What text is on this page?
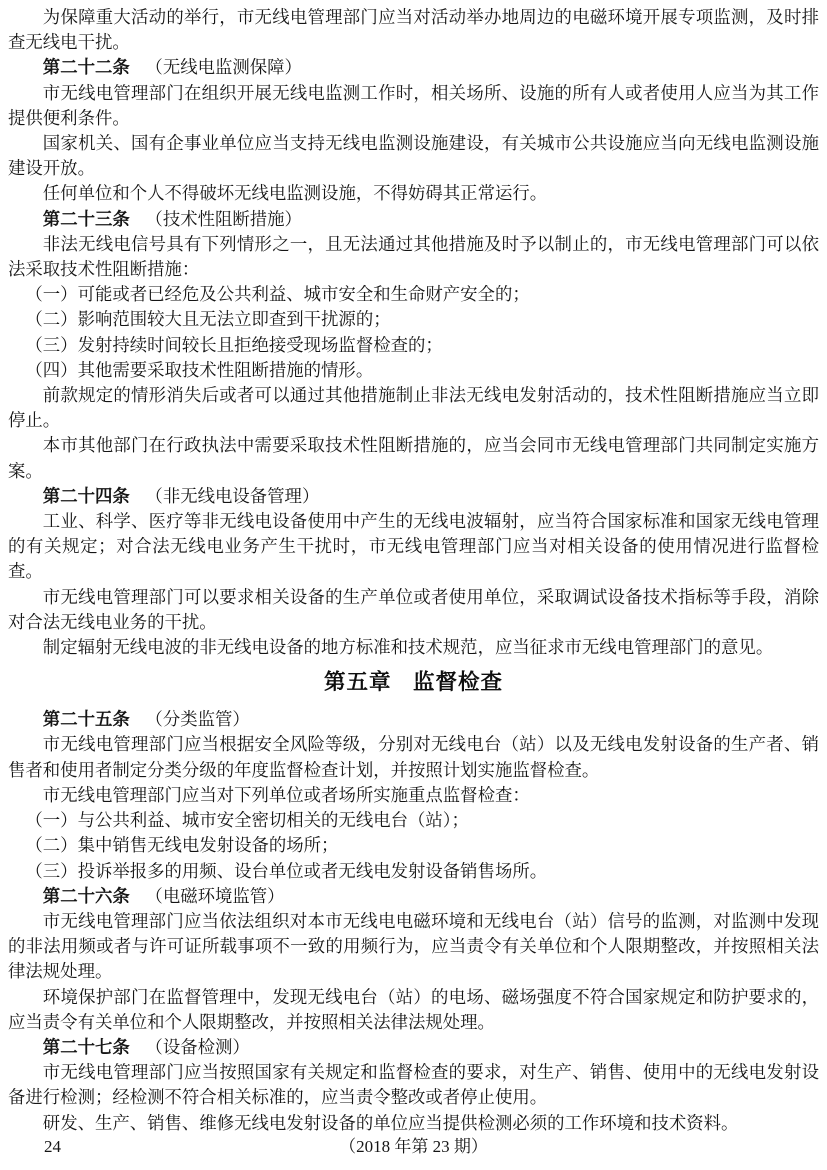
为保障重大活动的举行，市无线电管理部门应当对活动举办地周边的电磁环境开展专项监测，及时排查无线电干扰。

第二十二条 （无线电监测保障）

市无线电管理部门在组织开展无线电监测工作时，相关场所、设施的所有人或者使用人应当为其工作提供便利条件。

国家机关、国有企事业单位应当支持无线电监测设施建设，有关城市公共设施应当向无线电监测设施建设开放。

任何单位和个人不得破坏无线电监测设施，不得妨碍其正常运行。

第二十三条 （技术性阻断措施）

非法无线电信号具有下列情形之一，且无法通过其他措施及时予以制止的，市无线电管理部门可以依法采取技术性阻断措施：

（一）可能或者已经危及公共利益、城市安全和生命财产安全的；

（二）影响范围较大且无法立即查到干扰源的；

（三）发射持续时间较长且拒绝接受现场监督检查的；

（四）其他需要采取技术性阻断措施的情形。

前款规定的情形消失后或者可以通过其他措施制止非法无线电发射活动的，技术性阻断措施应当立即停止。

本市其他部门在行政执法中需要采取技术性阻断措施的，应当会同市无线电管理部门共同制定实施方案。

第二十四条 （非无线电设备管理）

工业、科学、医疗等非无线电设备使用中产生的无线电波辐射，应当符合国家标准和国家无线电管理的有关规定；对合法无线电业务产生干扰时，市无线电管理部门应当对相关设备的使用情况进行监督检查。

市无线电管理部门可以要求相关设备的生产单位或者使用单位，采取调试设备技术指标等手段，消除对合法无线电业务的干扰。

制定辐射无线电波的非无线电设备的地方标准和技术规范，应当征求市无线电管理部门的意见。

第五章 监督检查

第二十五条 （分类监管）

市无线电管理部门应当根据安全风险等级，分别对无线电台（站）以及无线电发射设备的生产者、销售者和使用者制定分类分级的年度监督检查计划，并按照计划实施监督检查。

市无线电管理部门应当对下列单位或者场所实施重点监督检查：

（一）与公共利益、城市安全密切相关的无线电台（站）；

（二）集中销售无线电发射设备的场所；

（三）投诉举报多的用频、设台单位或者无线电发射设备销售场所。

第二十六条 （电磁环境监管）

市无线电管理部门应当依法组织对本市无线电电磁环境和无线电台（站）信号的监测，对监测中发现的非法用频或者与许可证所载事项不一致的用频行为，应当责令有关单位和个人限期整改，并按照相关法律法规处理。

环境保护部门在监督管理中，发现无线电台（站）的电场、磁场强度不符合国家规定和防护要求的，应当责令有关单位和个人限期整改，并按照相关法律法规处理。

第二十七条 （设备检测）

市无线电管理部门应当按照国家有关规定和监督检查的要求，对生产、销售、使用中的无线电发射设备进行检测；经检测不符合相关标准的，应当责令整改或者停止使用。

研发、生产、销售、维修无线电发射设备的单位应当提供检测必须的工作环境和技术资料。

（2018 年第 23 期）
24
